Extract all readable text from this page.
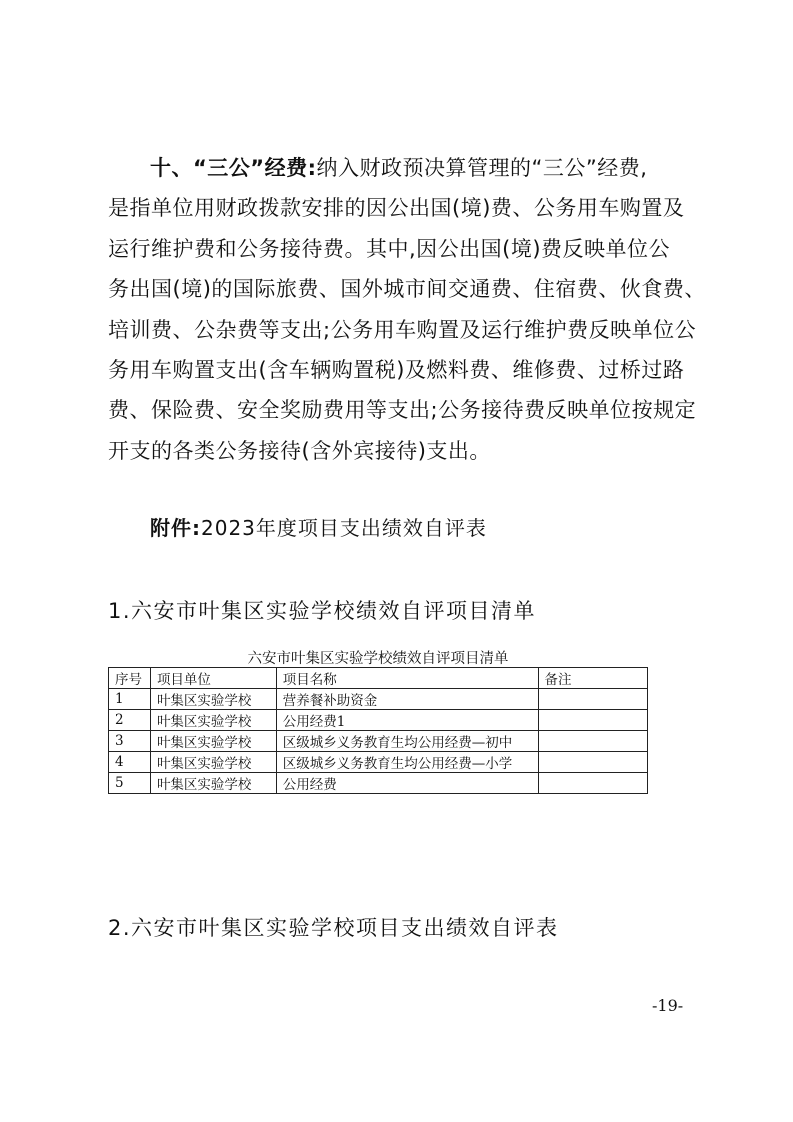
十、“三公”经费:纳入财政预决算管理的“三公”经费,
是指单位用财政拨款安排的因公出国(境)费、公务用车购置及
运行维护费和公务接待费。其中,因公出国(境)费反映单位公
务出国(境)的国际旅费、国外城市间交通费、住宿费、伙食费、
培训费、公杂费等支出;公务用车购置及运行维护费反映单位公
务用车购置支出(含车辆购置税)及燃料费、维修费、过桥过路
费、保险费、安全奖励费用等支出;公务接待费反映单位按规定
开支的各类公务接待(含外宾接待)支出。
附件:2023年度项目支出绩效自评表
1.六安市叶集区实验学校绩效自评项目清单
六安市叶集区实验学校绩效自评项目清单
序号	项目单位	项目名称	备注
1	叶集区实验学校	营养餐补助资金	
2	叶集区实验学校	公用经费1	
3	叶集区实验学校	区级城乡义务教育生均公用经费—初中	
4	叶集区实验学校	区级城乡义务教育生均公用经费—小学	
5	叶集区实验学校	公用经费	
2.六安市叶集区实验学校项目支出绩效自评表
-19-
